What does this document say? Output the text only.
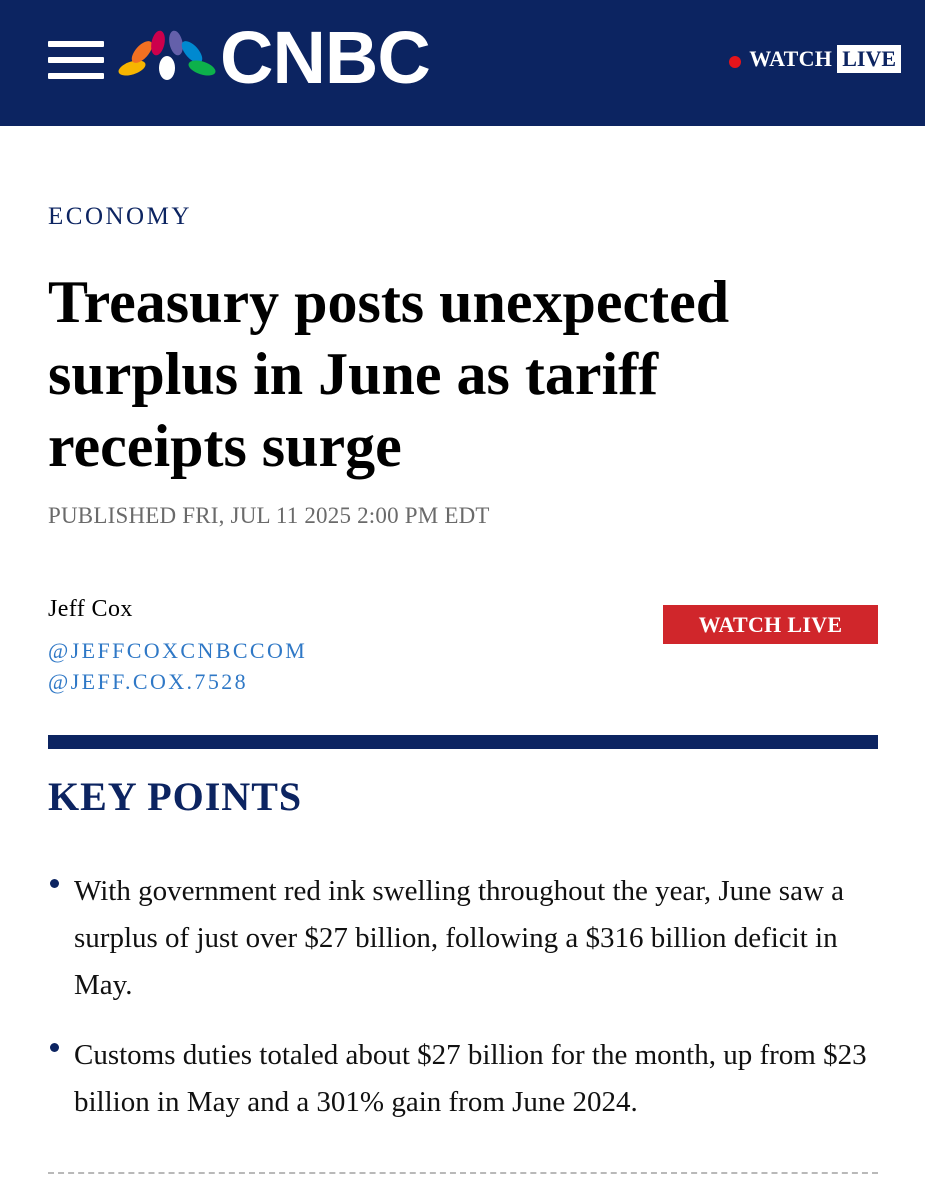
CNBC	WATCH LIVE
ECONOMY
Treasury posts unexpected surplus in June as tariff receipts surge
PUBLISHED FRI, JUL 11 2025 2:00 PM EDT
Jeff Cox
@JEFFCOXCNBCCOM
@JEFF.COX.7528
WATCH LIVE
KEY POINTS
With government red ink swelling throughout the year, June saw a surplus of just over $27 billion, following a $316 billion deficit in May.
Customs duties totaled about $27 billion for the month, up from $23 billion in May and a 301% gain from June 2024.
